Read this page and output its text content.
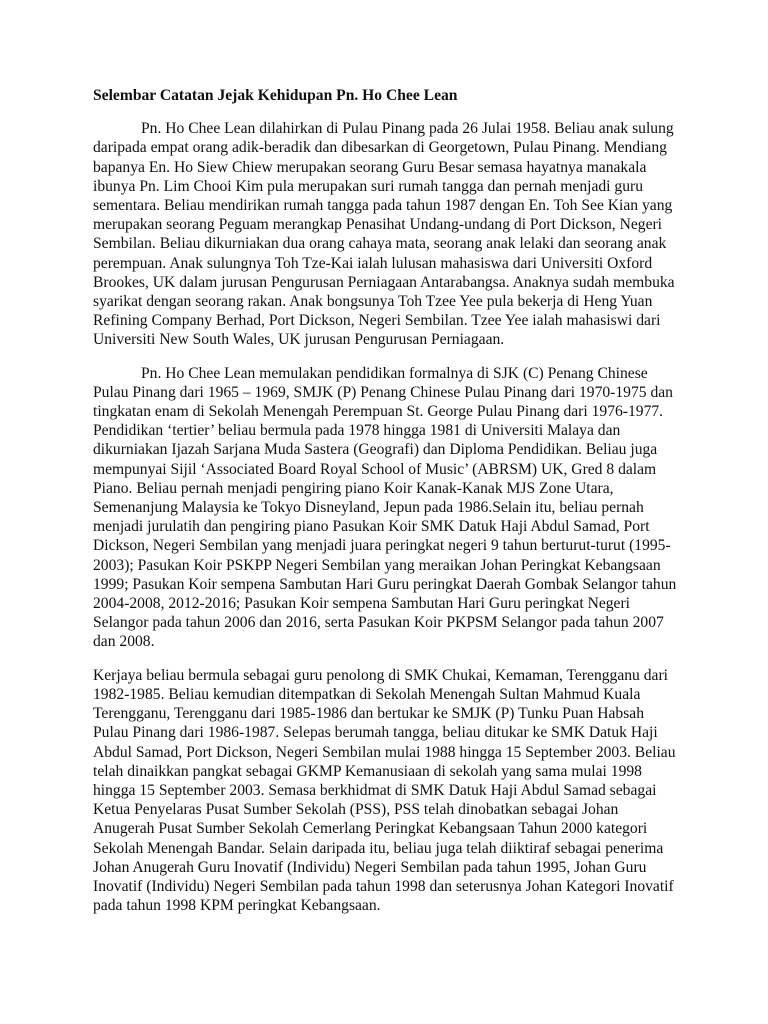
Selembar Catatan Jejak Kehidupan Pn. Ho Chee Lean

Pn. Ho Chee Lean dilahirkan di Pulau Pinang pada 26 Julai 1958. Beliau anak sulung daripada empat orang adik-beradik dan dibesarkan di Georgetown, Pulau Pinang. Mendiang bapanya En. Ho Siew Chiew merupakan seorang Guru Besar semasa hayatnya manakala ibunya Pn. Lim Chooi Kim pula merupakan suri rumah tangga dan pernah menjadi guru sementara. Beliau mendirikan rumah tangga pada tahun 1987 dengan En. Toh See Kian yang merupakan seorang Peguam merangkap Penasihat Undang-undang di Port Dickson, Negeri Sembilan. Beliau dikurniakan dua orang cahaya mata, seorang anak lelaki dan seorang anak perempuan. Anak sulungnya Toh Tze-Kai ialah lulusan mahasiswa dari Universiti Oxford Brookes, UK dalam jurusan Pengurusan Perniagaan Antarabangsa. Anaknya sudah membuka syarikat dengan seorang rakan. Anak bongsunya Toh Tzee Yee pula bekerja di Heng Yuan Refining Company Berhad, Port Dickson, Negeri Sembilan. Tzee Yee ialah mahasiswi dari Universiti New South Wales, UK jurusan Pengurusan Perniagaan.

Pn. Ho Chee Lean memulakan pendidikan formalnya di SJK (C) Penang Chinese Pulau Pinang dari 1965 – 1969, SMJK (P) Penang Chinese Pulau Pinang dari 1970-1975 dan tingkatan enam di Sekolah Menengah Perempuan St. George Pulau Pinang dari 1976-1977. Pendidikan ‘tertier’ beliau bermula pada 1978 hingga 1981 di Universiti Malaya dan dikurniakan Ijazah Sarjana Muda Sastera (Geografi) dan Diploma Pendidikan. Beliau juga mempunyai Sijil ‘Associated Board Royal School of Music’ (ABRSM) UK, Gred 8 dalam Piano. Beliau pernah menjadi pengiring piano Koir Kanak-Kanak MJS Zone Utara, Semenanjung Malaysia ke Tokyo Disneyland, Jepun pada 1986.Selain itu, beliau pernah menjadi jurulatih dan pengiring piano Pasukan Koir SMK Datuk Haji Abdul Samad, Port Dickson, Negeri Sembilan yang menjadi juara peringkat negeri 9 tahun berturut-turut (1995-2003); Pasukan Koir PSKPP Negeri Sembilan yang meraikan Johan Peringkat Kebangsaan 1999; Pasukan Koir sempena Sambutan Hari Guru peringkat Daerah Gombak Selangor tahun 2004-2008, 2012-2016; Pasukan Koir sempena Sambutan Hari Guru peringkat Negeri Selangor pada tahun 2006 dan 2016, serta Pasukan Koir PKPSM Selangor pada tahun 2007 dan 2008.

Kerjaya beliau bermula sebagai guru penolong di SMK Chukai, Kemaman, Terengganu dari 1982-1985. Beliau kemudian ditempatkan di Sekolah Menengah Sultan Mahmud Kuala Terengganu, Terengganu dari 1985-1986 dan bertukar ke SMJK (P) Tunku Puan Habsah Pulau Pinang dari 1986-1987. Selepas berumah tangga, beliau ditukar ke SMK Datuk Haji Abdul Samad, Port Dickson, Negeri Sembilan mulai 1988 hingga 15 September 2003. Beliau telah dinaikkan pangkat sebagai GKMP Kemanusiaan di sekolah yang sama mulai 1998 hingga 15 September 2003. Semasa berkhidmat di SMK Datuk Haji Abdul Samad sebagai Ketua Penyelaras Pusat Sumber Sekolah (PSS), PSS telah dinobatkan sebagai Johan Anugerah Pusat Sumber Sekolah Cemerlang Peringkat Kebangsaan Tahun 2000 kategori Sekolah Menengah Bandar. Selain daripada itu, beliau juga telah diiktiraf sebagai penerima Johan Anugerah Guru Inovatif (Individu) Negeri Sembilan pada tahun 1995, Johan Guru Inovatif (Individu) Negeri Sembilan pada tahun 1998 dan seterusnya Johan Kategori Inovatif pada tahun 1998 KPM peringkat Kebangsaan.
